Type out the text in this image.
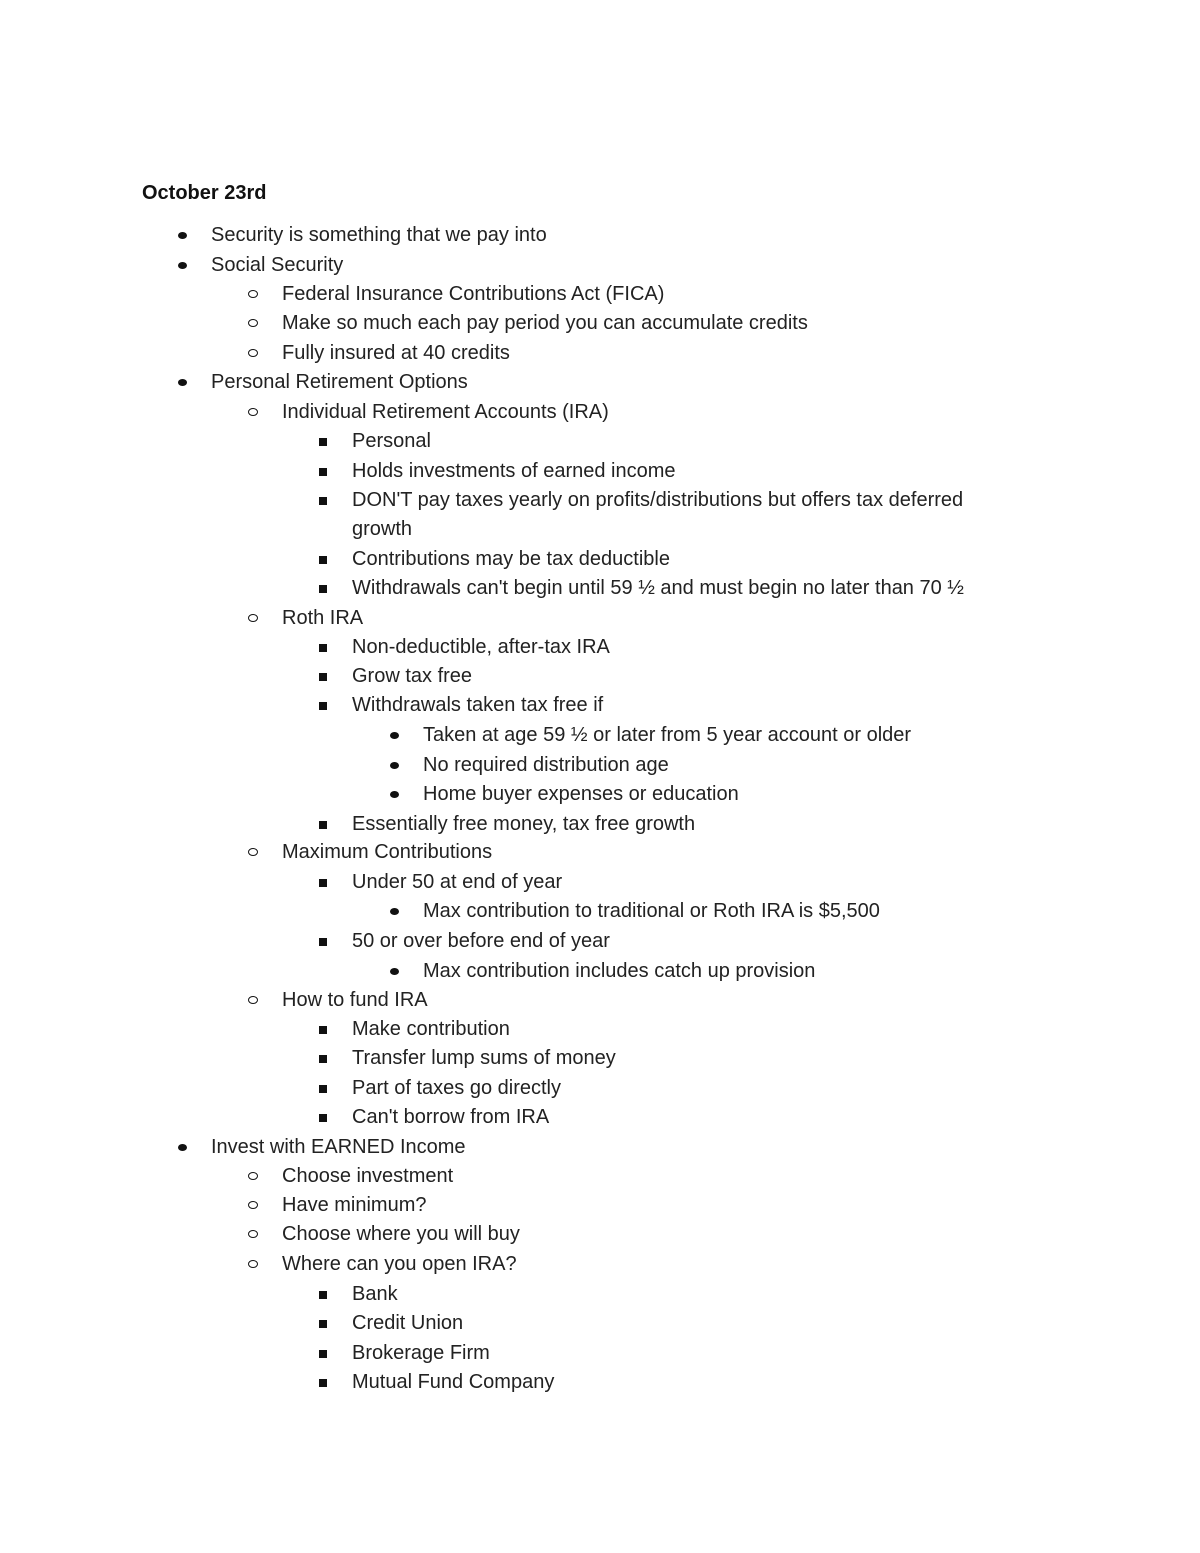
October 23rd
Security is something that we pay into
Social Security
Federal Insurance Contributions Act (FICA)
Make so much each pay period you can accumulate credits
Fully insured at 40 credits
Personal Retirement Options
Individual Retirement Accounts (IRA)
Personal
Holds investments of earned income
DON'T pay taxes yearly on profits/distributions but offers tax deferred
growth
Contributions may be tax deductible
Withdrawals can't begin until 59 ½ and must begin no later than 70 ½
Roth IRA
Non-deductible, after-tax IRA
Grow tax free
Withdrawals taken tax free if
Taken at age 59 ½ or later from 5 year account or older
No required distribution age
Home buyer expenses or education
Essentially free money, tax free growth
Maximum Contributions
Under 50 at end of year
Max contribution to traditional or Roth IRA is $5,500
50 or over before end of year
Max contribution includes catch up provision
How to fund IRA
Make contribution
Transfer lump sums of money
Part of taxes go directly
Can't borrow from IRA
Invest with EARNED Income
Choose investment
Have minimum?
Choose where you will buy
Where can you open IRA?
Bank
Credit Union
Brokerage Firm
Mutual Fund Company
